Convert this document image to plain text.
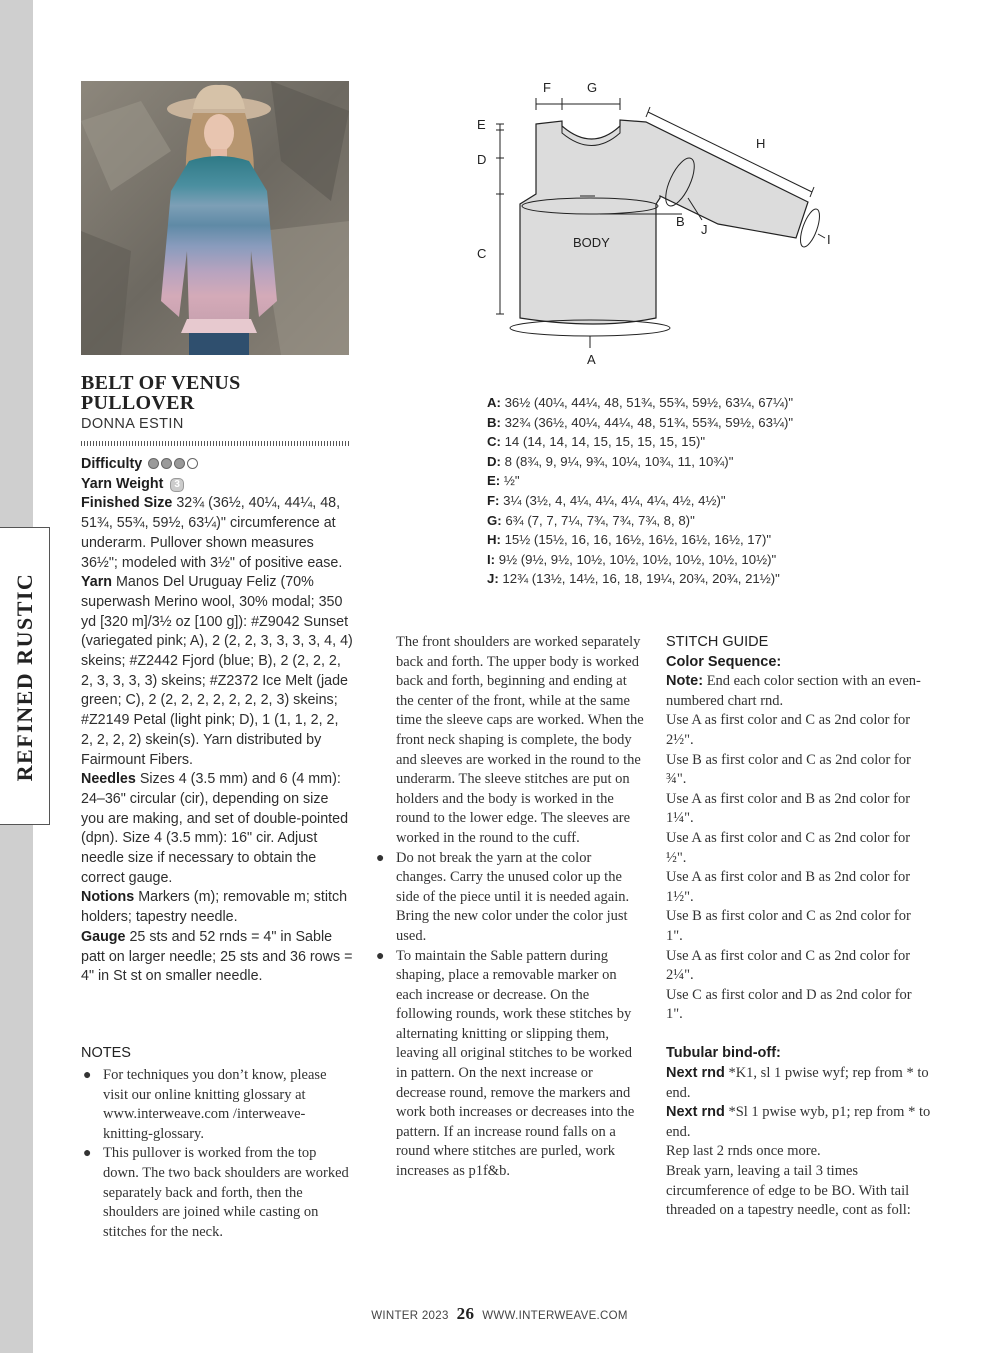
REFINED RUSTIC
BELT OF VENUS
PULLOVER
DONNA ESTIN
Difficulty
Yarn Weight 3
Finished Size 32¾ (36½, 40¼, 44¼, 48, 51¾, 55¾, 59½, 63¼)" circumference at underarm. Pullover shown measures 36½"; modeled with 3½" of positive ease.
Yarn Manos Del Uruguay Feliz (70% superwash Merino wool, 30% modal; 350 yd [320 m]/3½ oz [100 g]): #Z9042 Sunset (variegated pink; A), 2 (2, 2, 3, 3, 3, 3, 4, 4) skeins; #Z2442 Fjord (blue; B), 2 (2, 2, 2, 2, 3, 3, 3, 3) skeins; #Z2372 Ice Melt (jade green; C), 2 (2, 2, 2, 2, 2, 2, 2, 3) skeins; #Z2149 Petal (light pink; D), 1 (1, 1, 2, 2, 2, 2, 2, 2) skein(s). Yarn distributed by Fairmount Fibers.
Needles Sizes 4 (3.5 mm) and 6 (4 mm): 24–36" circular (cir), depending on size you are making, and set of double-pointed (dpn). Size 4 (3.5 mm): 16" cir. Adjust needle size if necessary to obtain the correct gauge.
Notions Markers (m); removable m; stitch holders; tapestry needle.
Gauge 25 sts and 52 rnds = 4" in Sable patt on larger needle; 25 sts and 36 rows = 4" in St st on smaller needle.
NOTES
● For techniques you don’t know, please visit our online knitting glossary at www.interweave.com /interweave-knitting-glossary.
● This pullover is worked from the top down. The two back shoulders are worked separately back and forth, then the shoulders are joined while casting on stitches for the neck.
The front shoulders are worked separately back and forth. The upper body is worked back and forth, beginning and ending at the center of the front, while at the same time the sleeve caps are worked. When the front neck shaping is complete, the body and sleeves are worked in the round to the underarm. The sleeve stitches are put on holders and the body is worked in the round to the lower edge. The sleeves are worked in the round to the cuff.
● Do not break the yarn at the color changes. Carry the unused color up the side of the piece until it is needed again. Bring the new color under the color just used.
● To maintain the Sable pattern during shaping, place a removable marker on each increase or decrease. On the following rounds, work these stitches by alternating knitting or slipping them, leaving all original stitches to be worked in pattern. On the next increase or decrease round, remove the markers and work both increases or decreases into the pattern. If an increase round falls on a round where stitches are purled, work increases as p1f&b.
STITCH GUIDE
Color Sequence:
Note: End each color section with an even-numbered chart rnd.
Use A as first color and C as 2nd color for 2½".
Use B as first color and C as 2nd color for ¾".
Use A as first color and B as 2nd color for 1¼".
Use A as first color and C as 2nd color for ½".
Use A as first color and B as 2nd color for 1½".
Use B as first color and C as 2nd color for 1".
Use A as first color and C as 2nd color for 2¼".
Use C as first color and D as 2nd color for 1".
Tubular bind-off:
Next rnd *K1, sl 1 pwise wyf; rep from * to end.
Next rnd *Sl 1 pwise wyb, p1; rep from * to end.
Rep last 2 rnds once more.
Break yarn, leaving a tail 3 times circumference of edge to be BO. With tail threaded on a tapestry needle, cont as foll:
F	G
E
D
C
H
B
J
I
A
BODY
A: 36½ (40¼, 44¼, 48, 51¾, 55¾, 59½, 63¼, 67¼)"
B: 32¾ (36½, 40¼, 44¼, 48, 51¾, 55¾, 59½, 63¼)"
C: 14 (14, 14, 14, 15, 15, 15, 15, 15)"
D: 8 (8¾, 9, 9¼, 9¾, 10¼, 10¾, 11, 10¾)"
E: ½"
F: 3¼ (3½, 4, 4¼, 4¼, 4¼, 4¼, 4½, 4½)"
G: 6¾ (7, 7, 7¼, 7¾, 7¾, 7¾, 8, 8)"
H: 15½ (15½, 16, 16, 16½, 16½, 16½, 16½, 17)"
I: 9½ (9½, 9½, 10½, 10½, 10½, 10½, 10½, 10½)"
J: 12¾ (13½, 14½, 16, 18, 19¼, 20¾, 20¾, 21½)"
WINTER 2023 26 WWW.INTERWEAVE.COM
